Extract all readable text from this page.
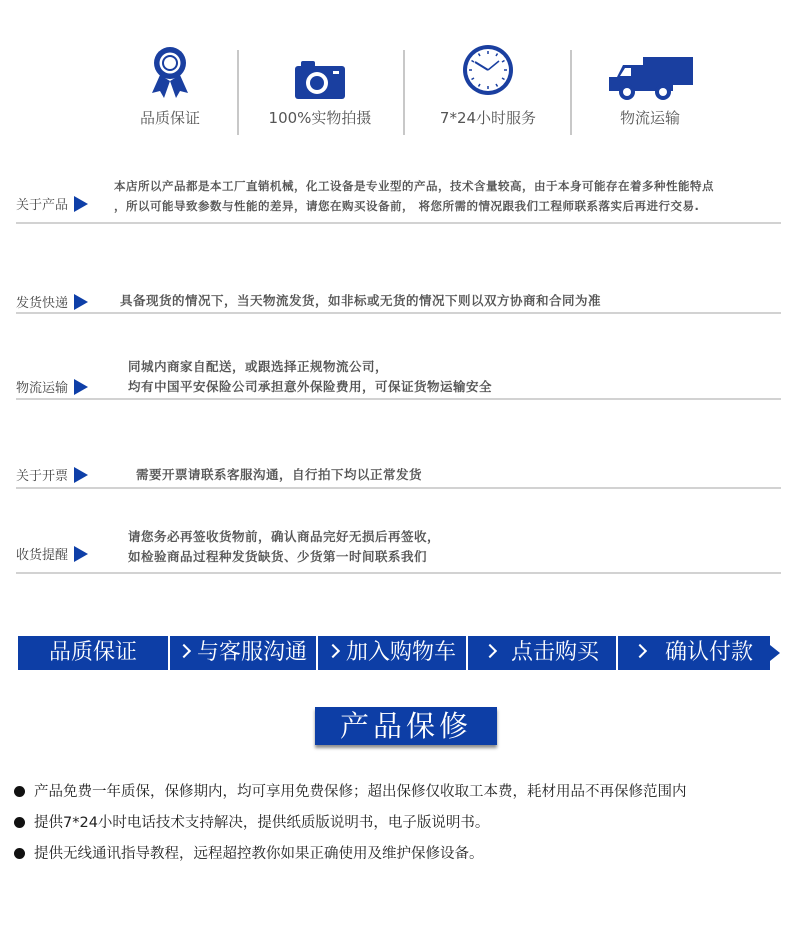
品质保证	100%实物拍摄	7*24小时服务	物流运输
关于产品
本店所以产品都是本工厂直销机械，化工设备是专业型的产品，技术含量较高，由于本身可能存在着多种性能特点
，所以可能导致参数与性能的差异，请您在购买设备前， 将您所需的情况跟我们工程师联系落实后再进行交易.
发货快递	具备现货的情况下，当天物流发货，如非标或无货的情况下则以双方协商和合同为准
物流运输
同城内商家自配送，或跟选择正规物流公司，
均有中国平安保险公司承担意外保险费用，可保证货物运输安全
关于开票	需要开票请联系客服沟通，自行拍下均以正常发货
收货提醒
请您务必再签收货物前，确认商品完好无损后再签收，
如检验商品过程种发货缺货、少货第一时间联系我们
品质保证	与客服沟通	加入购物车	点击购买	确认付款
产品保修
产品免费一年质保，保修期内，均可享用免费保修；超出保修仅收取工本费，耗材用品不再保修范围内
提供7*24小时电话技术支持解决，提供纸质版说明书，电子版说明书。
提供无线通讯指导教程，远程超控教你如果正确使用及维护保修设备。
